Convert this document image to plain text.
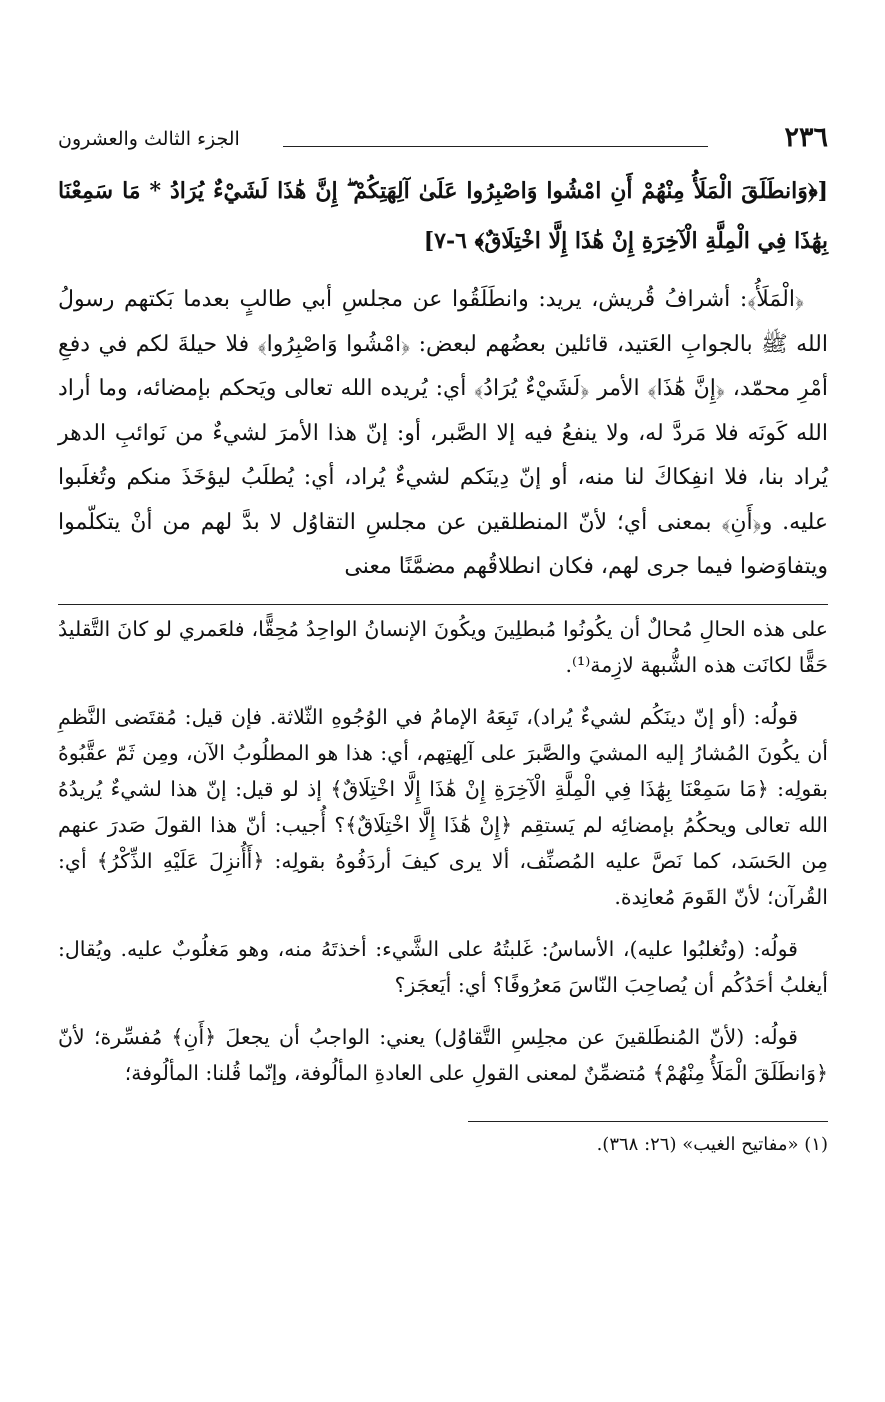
٢٣٦
الجزء الثالث والعشرون
[﴿وَانطَلَقَ الْمَلَأُ مِنْهُمْ أَنِ امْشُوا وَاصْبِرُوا عَلَىٰ آلِهَتِكُمْ ۖ إِنَّ هَٰذَا لَشَيْءٌ يُرَادُ * مَا سَمِعْنَا بِهَٰذَا فِي الْمِلَّةِ الْآخِرَةِ إِنْ هَٰذَا إِلَّا اخْتِلَاقٌ﴾ ٦-٧]

﴿الْمَلَأُ﴾: أشرافُ قُريش، يريد: وانطَلَقُوا عن مجلسِ أبي طالبٍ بعدما بَكتهم رسولُ الله ﷺ بالجوابِ العَتيد، قائلين بعضُهم لبعض: ﴿امْشُوا وَاصْبِرُوا﴾ فلا حيلةَ لكم في دفعِ أمْرِ محمّد، ﴿إِنَّ هَٰذَا﴾ الأمر ﴿لَشَيْءٌ يُرَادُ﴾ أي: يُريده الله تعالى ويَحكم بإمضائه، وما أراد الله كَونَه فلا مَردَّ له، ولا ينفعُ فيه إلا الصَّبر، أو: إنّ هذا الأمرَ لشيءٌ من نَوائبِ الدهر يُراد بنا، فلا انفِكاكَ لنا منه، أو إنّ دِينَكم لشيءٌ يُراد، أي: يُطلَبُ ليؤخَذَ منكم وتُغلَبوا عليه. و﴿أَنِ﴾ بمعنى أي؛ لأنّ المنطلقين عن مجلسِ التقاوُل لا بدَّ لهم من أنْ يتكلّموا ويتفاوَضوا فيما جرى لهم، فكان انطلاقُهم مضمَّنًا معنى

على هذه الحالِ مُحالٌ أن يكُونُوا مُبطلِينَ ويكُونَ الإنسانُ الواحِدُ مُحِقًّا، فلعَمري لو كانَ التَّقليدُ حَقًّا لكانَت هذه الشُّبهة لازِمة⁽¹⁾.

قولُه: (أو إنّ دينَكُم لشيءٌ يُراد)، تَبِعَهُ الإمامُ في الوُجُوهِ الثّلاثة. فإن قيل: مُقتَضى النَّظمِ أن يكُونَ المُشارُ إليه المشيَ والصَّبرَ على آلِهتِهم، أي: هذا هو المطلُوبُ الآن، ومِن ثَمّ عقَّبُوهُ بقولِه: ﴿مَا سَمِعْنَا بِهَٰذَا فِي الْمِلَّةِ الْآخِرَةِ إِنْ هَٰذَا إِلَّا اخْتِلَاقٌ﴾ إذ لو قيل: إنّ هذا لشيءٌ يُريدُهُ الله تعالى ويحكُمُ بإمضائِه لم يَستقِم ﴿إِنْ هَٰذَا إِلَّا اخْتِلَاقٌ﴾؟ أُجيب: أنّ هذا القولَ صَدرَ عنهم مِن الحَسَد، كما نَصَّ عليه المُصنِّف، ألا يرى كيفَ أردَفُوهُ بقولِه: ﴿أَأُنزِلَ عَلَيْهِ الذِّكْرُ﴾ أي: القُرآن؛ لأنّ القَومَ مُعانِدة.

قولُه: (وتُغلبُوا عليه)، الأساسُ: غَلبتُهُ على الشَّيء: أخذتَهُ منه، وهو مَغلُوبٌ عليه. ويُقال: أيغلبُ أحَدُكُم أن يُصاحِبَ النّاسَ مَعرُوفًا؟ أي: أيَعجَز؟

قولُه: (لأنّ المُنطَلقينَ عن مجلِسِ التَّقاوُل) يعني: الواجبُ أن يجعلَ ﴿أَنِ﴾ مُفسِّرة؛ لأنّ ﴿وَانطَلَقَ الْمَلَأُ مِنْهُمْ﴾ مُتضمِّنٌ لمعنى القولِ على العادةِ المألُوفة، وإنّما قُلنا: المألُوفة؛

(١) «مفاتيح الغيب» (٢٦: ٣٦٨).
